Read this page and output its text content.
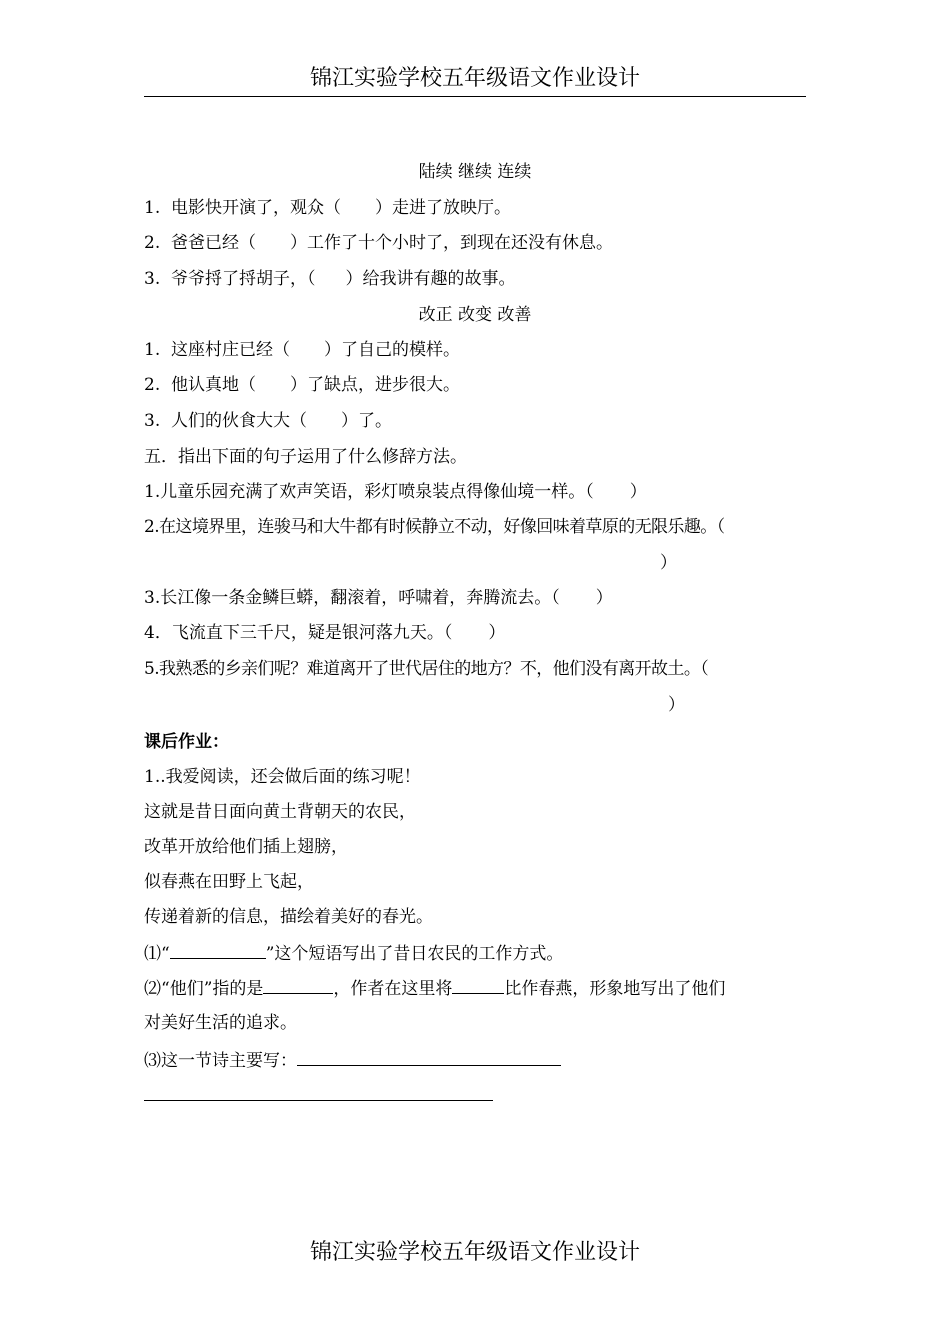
锦江实验学校五年级语文作业设计
陆续 继续 连续
1. 电影快开演了，观众（ ）走进了放映厅。
2. 爸爸已经（ ）工作了十个小时了，到现在还没有休息。
3. 爷爷捋了捋胡子，（ ）给我讲有趣的故事。
改正 改变 改善
1. 这座村庄已经（ ）了自己的模样。
2. 他认真地（ ）了缺点，进步很大。
3. 人们的伙食大大（ ）了。
五．指出下面的句子运用了什么修辞方法。
1.儿童乐园充满了欢声笑语，彩灯喷泉装点得像仙境一样。（ ）
2.在这境界里，连骏马和大牛都有时候静立不动，好像回味着草原的无限乐趣。（
）
3.长江像一条金鳞巨蟒，翻滚着，呼啸着，奔腾流去。（ ）
4．飞流直下三千尺，疑是银河落九天。（ ）
5.我熟悉的乡亲们呢？难道离开了世代居住的地方？不，他们没有离开故土。（
）
课后作业：
1..我爱阅读，还会做后面的练习呢！
这就是昔日面向黄土背朝天的农民，
改革开放给他们插上翅膀，
似春燕在田野上飞起，
传递着新的信息，描绘着美好的春光。
⑴“	”这个短语写出了昔日农民的工作方式。
⑵“他们”指的是	，作者在这里将	比作春燕，形象地写出了他们
对美好生活的追求。
⑶这一节诗主要写：
锦江实验学校五年级语文作业设计
